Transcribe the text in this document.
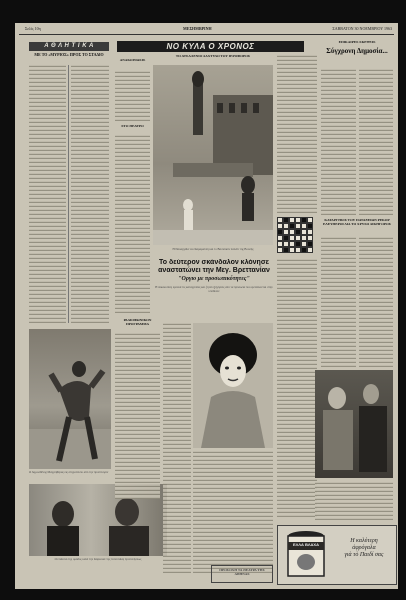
Σελίς 10η	ΜΕΣΗΜΒΡΙΝΗ	ΣΑΒΒΑΤΟΝ 30 ΝΟΕΜΒΡΙΟΥ 1963
Α Θ Λ Η Τ Ι Κ Α
ΜΕ ΤΟ «ΜΥΡΙΟΣ» ΠΡΟΣ ΤΟ ΣΤΑΔΙΟ
Ο Δημοσθένης Μαγγλιβέρας εις στιγμιότυπο από την προπόνησιν
Οι παίκται της ομάδος κατά την διάρκειαν της τελευταίας προπονήσεως
ΝΟ ΚΥΛΑ Ο ΧΡΟΝΟΣ
ΑΝΑΚΟΙΝΩΣΙΣ
ΣΤΟ ΘΕΑΤΡΟ
ΡΑΔΙΟΦΩΝΙΚΟΝ ΠΡΟΓΡΑΜΜΑ
ΤΟ ΑΤΣΑΛΕΝΙΟ ΔΑΧΤΥΛΟ ΤΟΥ ΙΕΡΟΦΟΡΟΣ
Η Ναυαρχίδα του Καραμανλή και το Βασιλικόν παλάτι της Βουλής
Το δεύτερον σκάνδαλον κλόνησε
αναστατώνει την Μεγ. Βρεττανίαν
"Οργιο με προσωπικότητες"
Η Δικαιοσύνη ερευνά τις καταγγελίες και ζητεί εξηγήσεις από τα πρόσωπα που εμπλέκονται στην υπόθεσιν
ΠΡΟΣΟΧΗ ΤΑ ΘΕΑΤΡΑ ΤΗΣ ΑΘΗΝΑΣ
ΕΠΙΚΑΙΡΕΣ ΣΚΕΨΕΙΣ
Σύγχρονη Δημοσία...
ΚΑΤΑΡΓΗΣΙΣ ΤΟΥ ΠΑΤΑΞΕΙΩΝ ΡΕΚΟΡ ΕΛΕΥΘΕΡΟΙ ΔΙΑ ΤΟ ΧΡΥΣΟ ΔΙΚΗΓΟΡΟΣ
ΕΛΛΑ ΒΛΑΧΑ
Η καλύτερη
ἀφρόγαλα
γιὰ τὸ Παιδί σας
